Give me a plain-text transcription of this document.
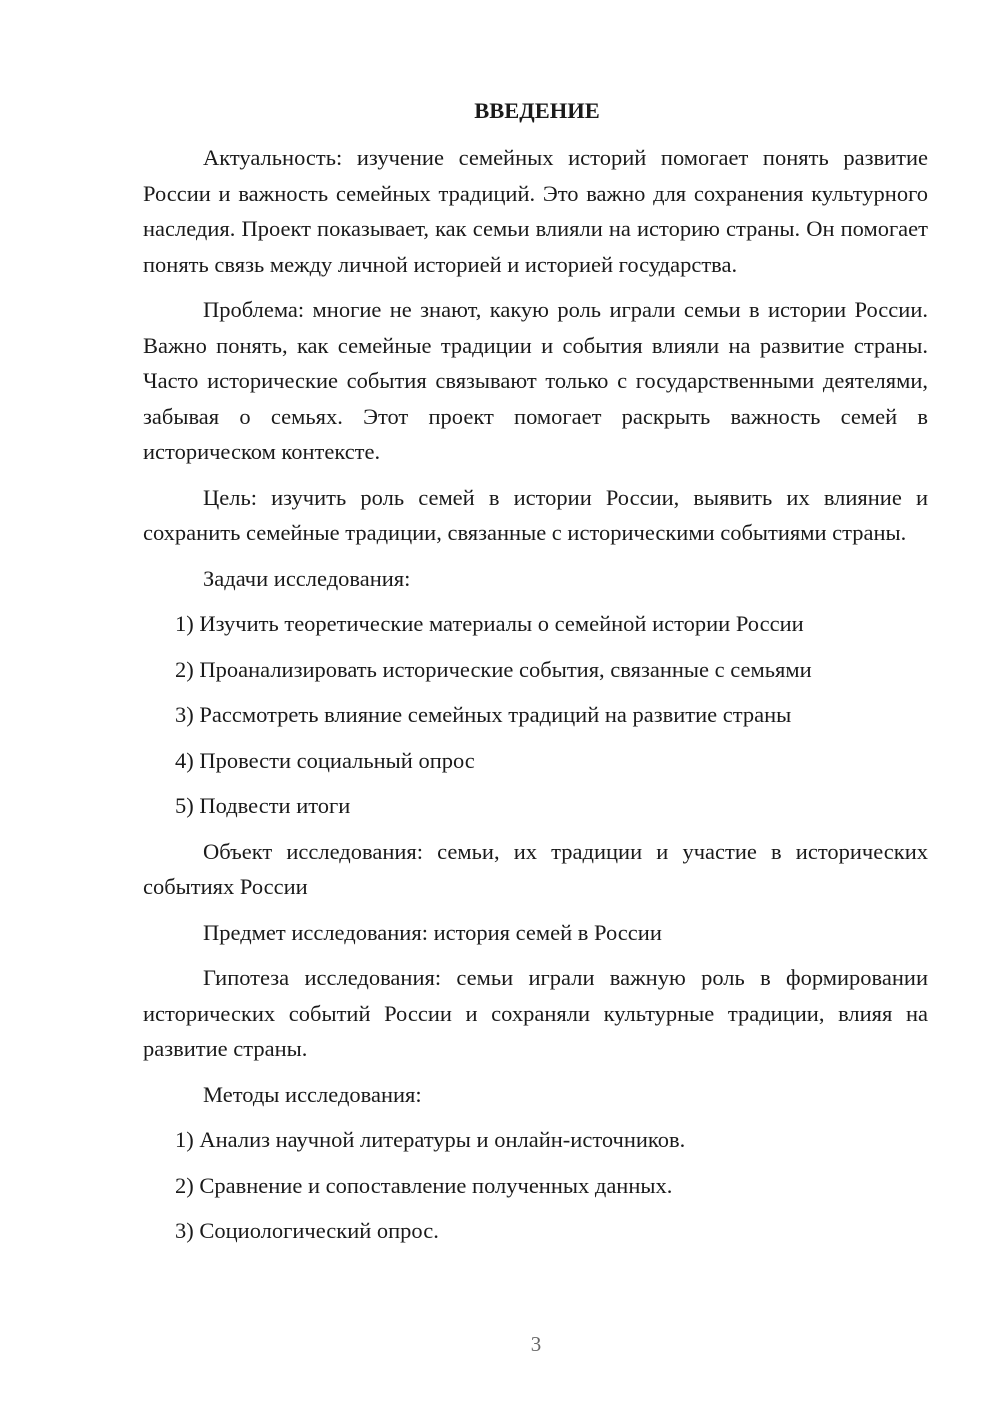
ВВЕДЕНИЕ

Актуальность: изучение семейных историй помогает понять развитие России и важность семейных традиций. Это важно для сохранения культурного наследия. Проект показывает, как семьи влияли на историю страны. Он помогает понять связь между личной историей и историей государства.

Проблема: многие не знают, какую роль играли семьи в истории России. Важно понять, как семейные традиции и события влияли на развитие страны. Часто исторические события связывают только с государственными деятелями, забывая о семьях. Этот проект помогает раскрыть важность семей в историческом контексте.

Цель: изучить роль семей в истории России, выявить их влияние и сохранить семейные традиции, связанные с историческими событиями страны.

Задачи исследования:

1) Изучить теоретические материалы о семейной истории России
2) Проанализировать исторические события, связанные с семьями
3) Рассмотреть влияние семейных традиций на развитие страны
4) Провести социальный опрос
5) Подвести итоги

Объект исследования: семьи, их традиции и участие в исторических событиях России

Предмет исследования: история семей в России

Гипотеза исследования: семьи играли важную роль в формировании исторических событий России и сохраняли культурные традиции, влияя на развитие страны.

Методы исследования:

1) Анализ научной литературы и онлайн-источников.
2) Сравнение и сопоставление полученных данных.
3) Социологический опрос.
3
